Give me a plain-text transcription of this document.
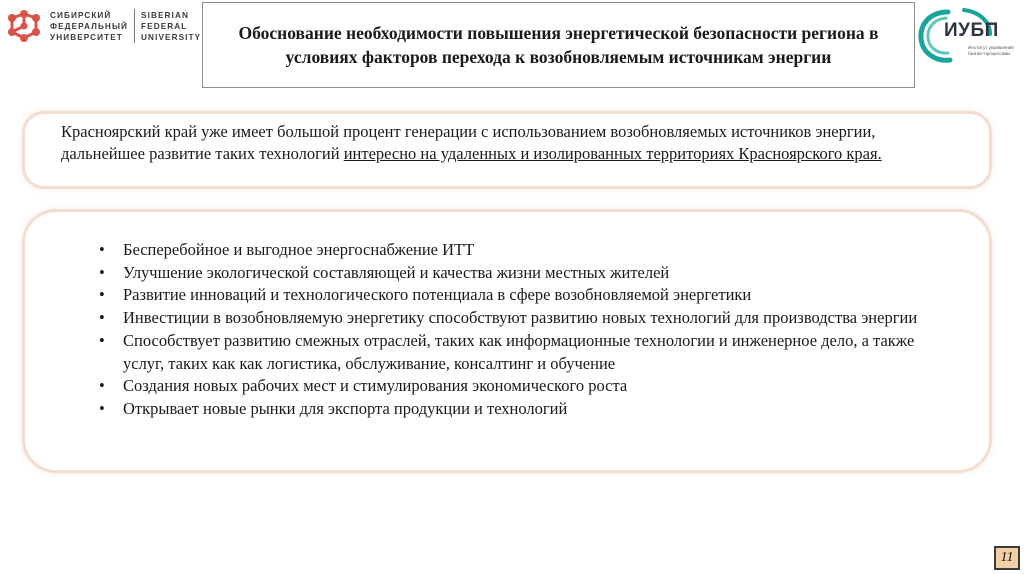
СИБИРСКИЙ
ФЕДЕРАЛЬНЫЙ
УНИВЕРСИТЕТ
SIBERIAN
FEDERAL
UNIVERSITY	Обоснование необходимости повышения энергетической безопасности региона в условиях факторов перехода к возобновляемым источникам энергии
ИУБП
Институт управления бизнес-процессами

Красноярский край уже имеет большой процент генерации с использованием возобновляемых источников энергии, дальнейшее развитие таких технологий интересно на удаленных и изолированных территориях Красноярского края.

• Бесперебойное и выгодное энергоснабжение ИТТ
• Улучшение экологической составляющей и качества жизни местных жителей
• Развитие инноваций и технологического потенциала в сфере возобновляемой энергетики
• Инвестиции в возобновляемую энергетику способствуют развитию новых технологий для производства энергии
• Способствует развитию смежных отраслей, таких как информационные технологии и инженерное дело, а также услуг, таких как как логистика, обслуживание, консалтинг и обучение
• Создания новых рабочих мест и стимулирования экономического роста
• Открывает новые рынки для экспорта продукции и технологий
11
